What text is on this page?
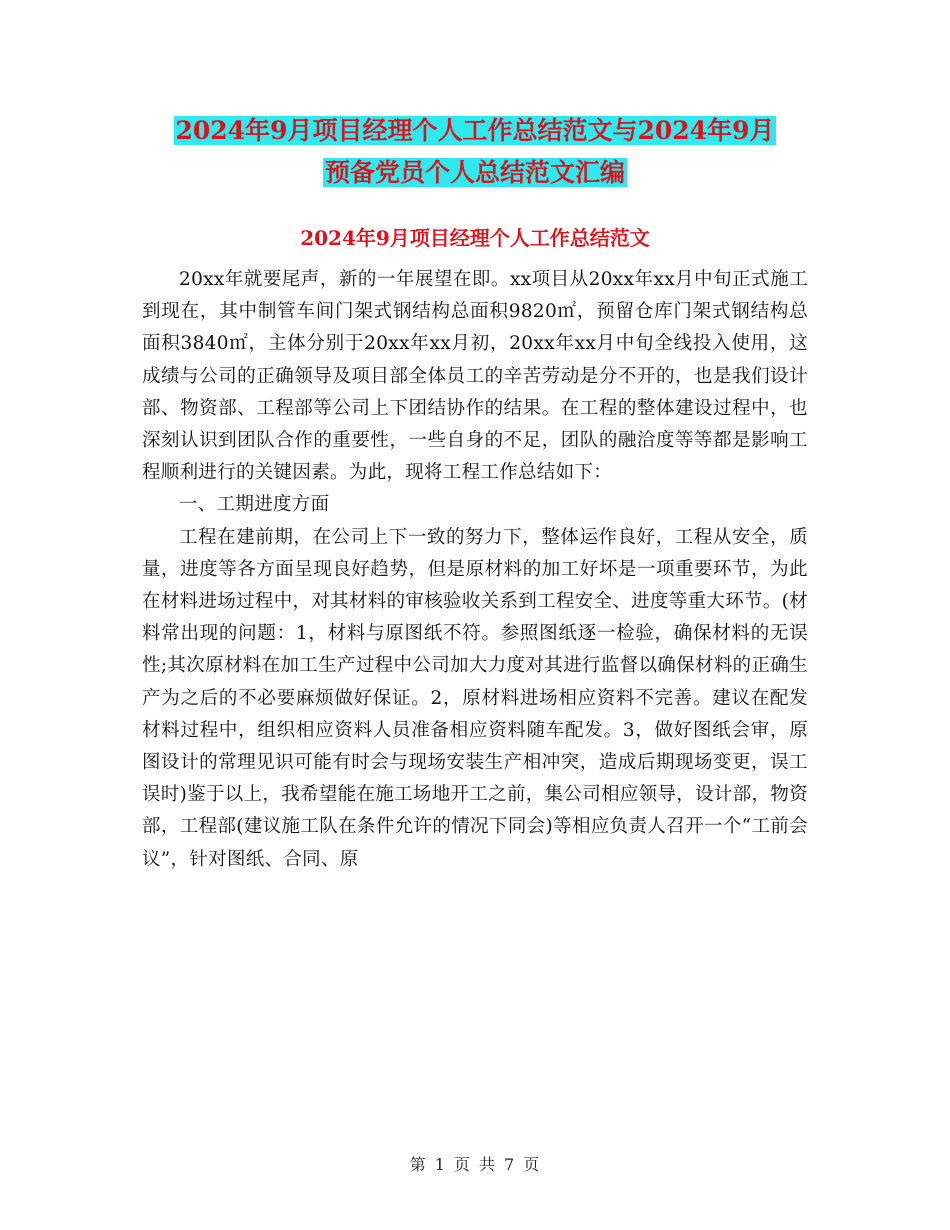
2024年9月项目经理个人工作总结范文与2024年9月
预备党员个人总结范文汇编
2024年9月项目经理个人工作总结范文

20xx年就要尾声，新的一年展望在即。xx项目从20xx年xx月中旬正式施工到现在，其中制管车间门架式钢结构总面积9820㎡，预留仓库门架式钢结构总面积3840㎡，主体分别于20xx年xx月初，20xx年xx月中旬全线投入使用，这成绩与公司的正确领导及项目部全体员工的辛苦劳动是分不开的，也是我们设计部、物资部、工程部等公司上下团结协作的结果。在工程的整体建设过程中，也深刻认识到团队合作的重要性，一些自身的不足，团队的融洽度等等都是影响工程顺利进行的关键因素。为此，现将工程工作总结如下：

一、工期进度方面

工程在建前期，在公司上下一致的努力下，整体运作良好，工程从安全，质量，进度等各方面呈现良好趋势，但是原材料的加工好坏是一项重要环节，为此在材料进场过程中，对其材料的审核验收关系到工程安全、进度等重大环节。(材料常出现的问题：1，材料与原图纸不符。参照图纸逐一检验，确保材料的无误性;其次原材料在加工生产过程中公司加大力度对其进行监督以确保材料的正确生产为之后的不必要麻烦做好保证。2，原材料进场相应资料不完善。建议在配发材料过程中，组织相应资料人员准备相应资料随车配发。3，做好图纸会审，原图设计的常理见识可能有时会与现场安装生产相冲突，造成后期现场变更，误工误时)鉴于以上，我希望能在施工场地开工之前，集公司相应领导，设计部，物资部，工程部(建议施工队在条件允许的情况下同会)等相应负责人召开一个“工前会议”，针对图纸、合同、原

第 1 页 共 7 页
